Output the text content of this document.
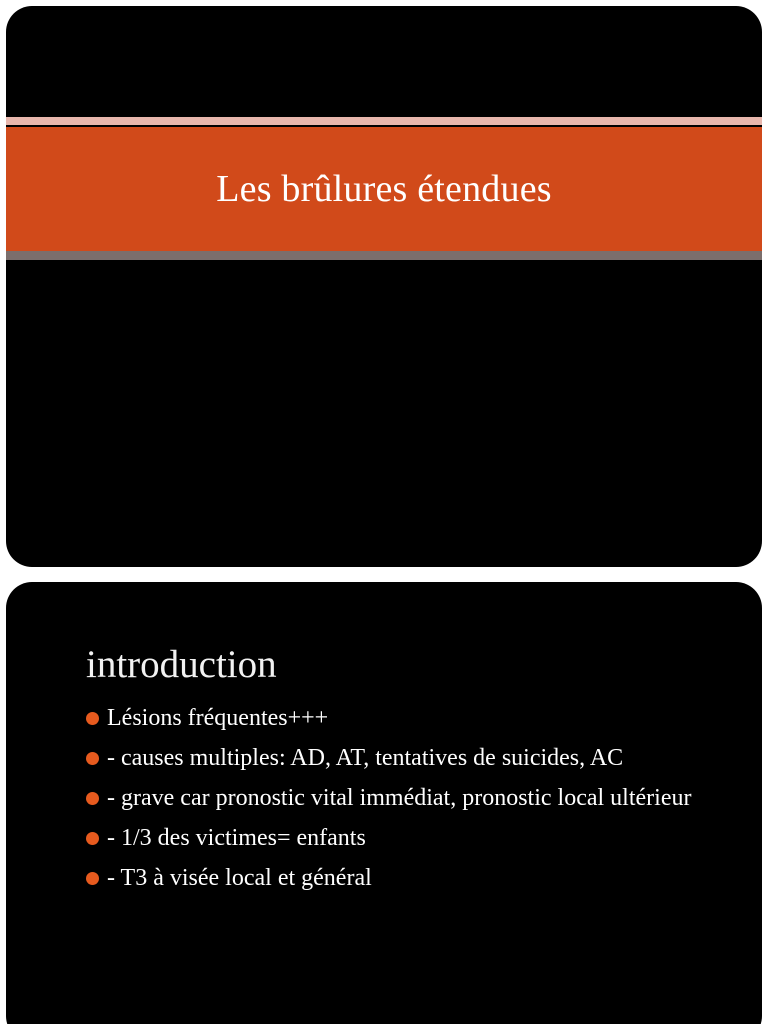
Les brûlures étendues
introduction
Lésions fréquentes+++
- causes multiples: AD, AT, tentatives de suicides, AC
- grave car pronostic vital immédiat, pronostic local ultérieur
- 1/3 des victimes= enfants
- T3 à visée local et général
